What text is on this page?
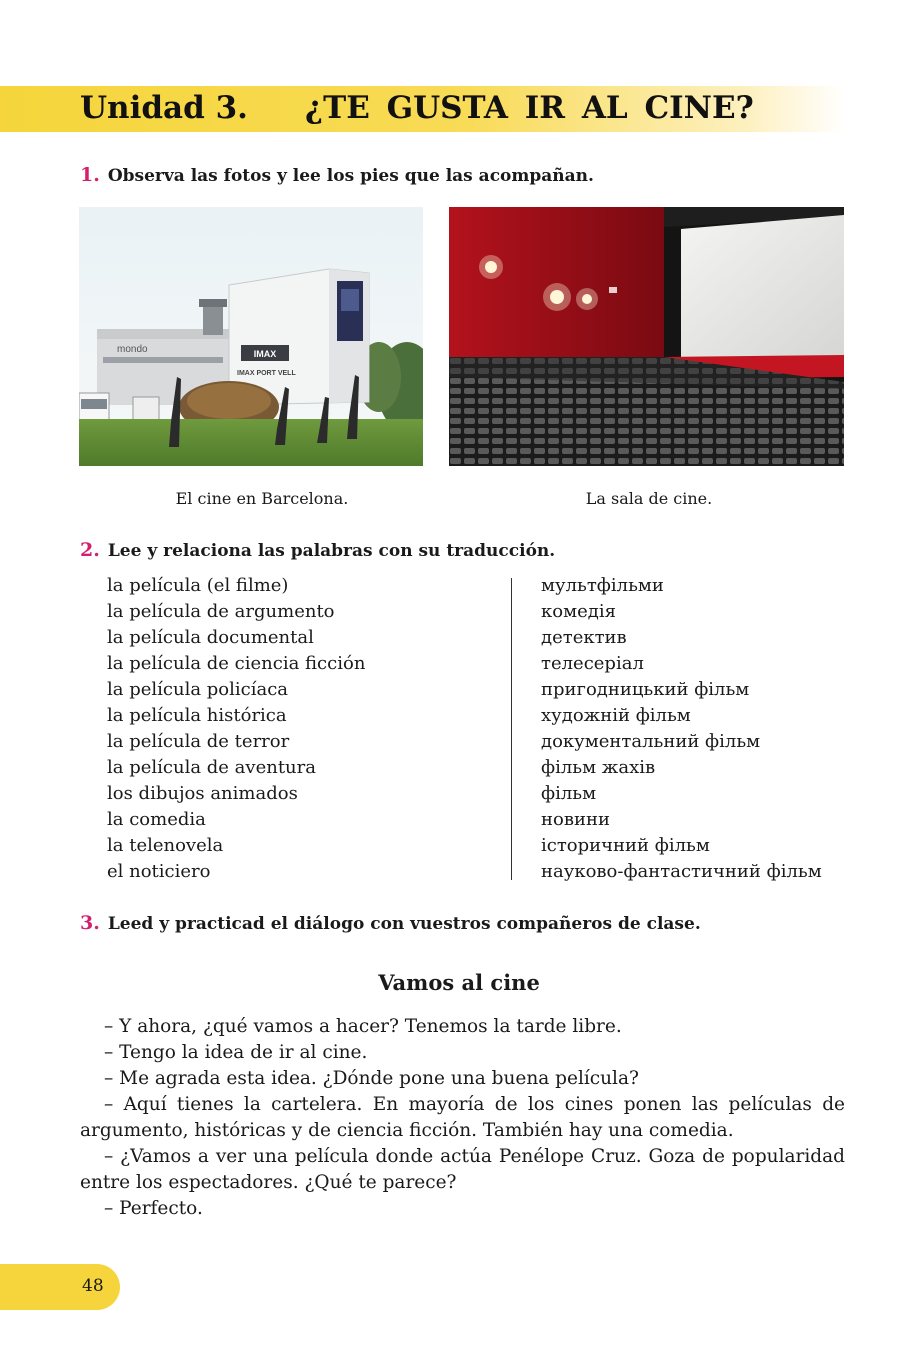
Unidad 3. ¿TE GUSTA IR AL CINE?
1. Observa las fotos y lee los pies que las acompañan.
mondo	IMAX
IMAX PORT VELL
El cine en Barcelona.	La sala de cine.
2. Lee y relaciona las palabras con su traducción.
la película (el filme)
la película de argumento
la película documental
la película de ciencia ficción
la película policíaca
la película histórica
la película de terror
la película de aventura
los dibujos animados
la comedia
la telenovela
el noticiero
мультфільми
комедія
детектив
телесеріал
пригодницький фільм
художній фільм
документальний фільм
фільм жахів
фільм
новини
історичний фільм
науково-фантастичний фільм
3. Leed y practicad el diálogo con vuestros compañeros de clase.
Vamos al cine

– Y ahora, ¿qué vamos a hacer? Tenemos la tarde libre.

– Tengo la idea de ir al cine.

– Me agrada esta idea. ¿Dónde pone una buena película?

– Aquí tienes la cartelera. En mayoría de los cines ponen las películas de argumento, históricas y de ciencia ficción. También hay una comedia.

– ¿Vamos a ver una película donde actúa Penélope Cruz. Goza de popularidad entre los espectadores. ¿Qué te parece?

– Perfecto.

48
